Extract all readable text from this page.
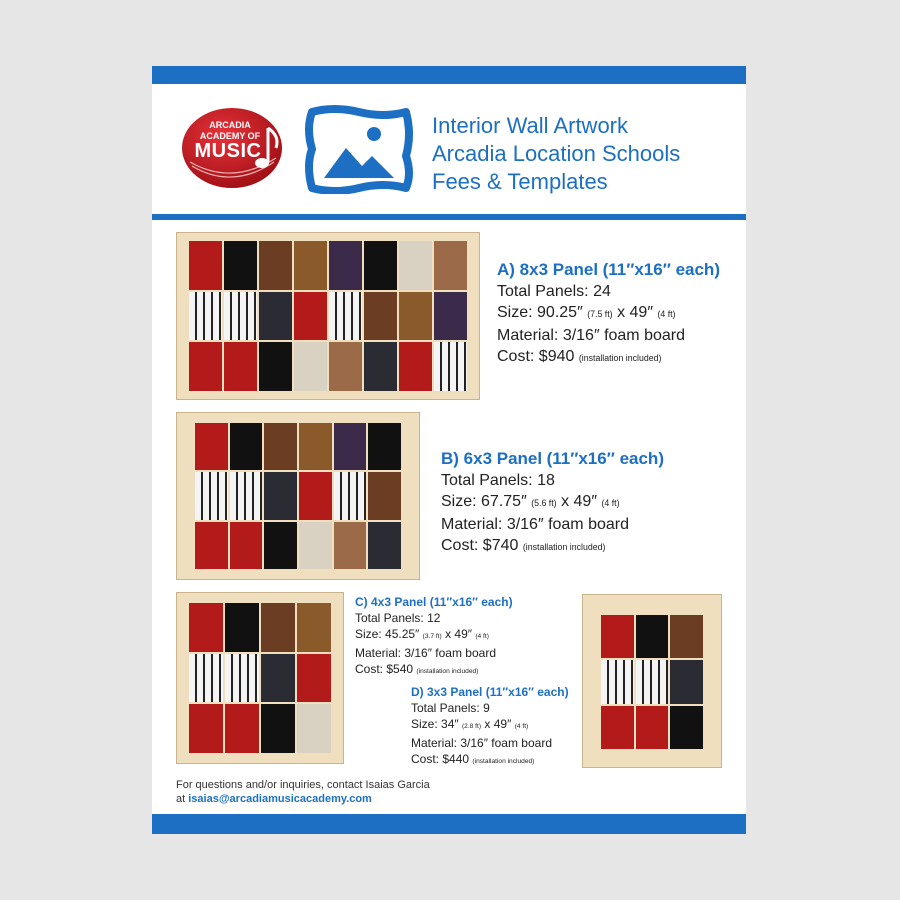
ARCADIA
ACADEMY OF
MUSIC
Interior Wall Artwork
Arcadia Location Schools
Fees & Templates
A) 8x3 Panel (11″x16″ each)
Total Panels: 24
Size: 90.25″ (7.5 ft) x 49″ (4 ft)
Material: 3/16″ foam board
Cost: $940 (installation included)
B) 6x3 Panel (11″x16″ each)
Total Panels: 18
Size: 67.75″ (5.6 ft) x 49″ (4 ft)
Material: 3/16″ foam board
Cost: $740 (installation included)
C) 4x3 Panel (11″x16″ each)
Total Panels: 12
Size: 45.25″ (3.7 ft) x 49″ (4 ft)
Material: 3/16″ foam board
Cost: $540 (installation included)
D) 3x3 Panel (11″x16″ each)
Total Panels: 9
Size: 34″ (2.8 ft) x 49″ (4 ft)
Material: 3/16″ foam board
Cost: $440 (installation included)
For questions and/or inquiries, contact Isaias Garcia
at isaias@arcadiamusicacademy.com
